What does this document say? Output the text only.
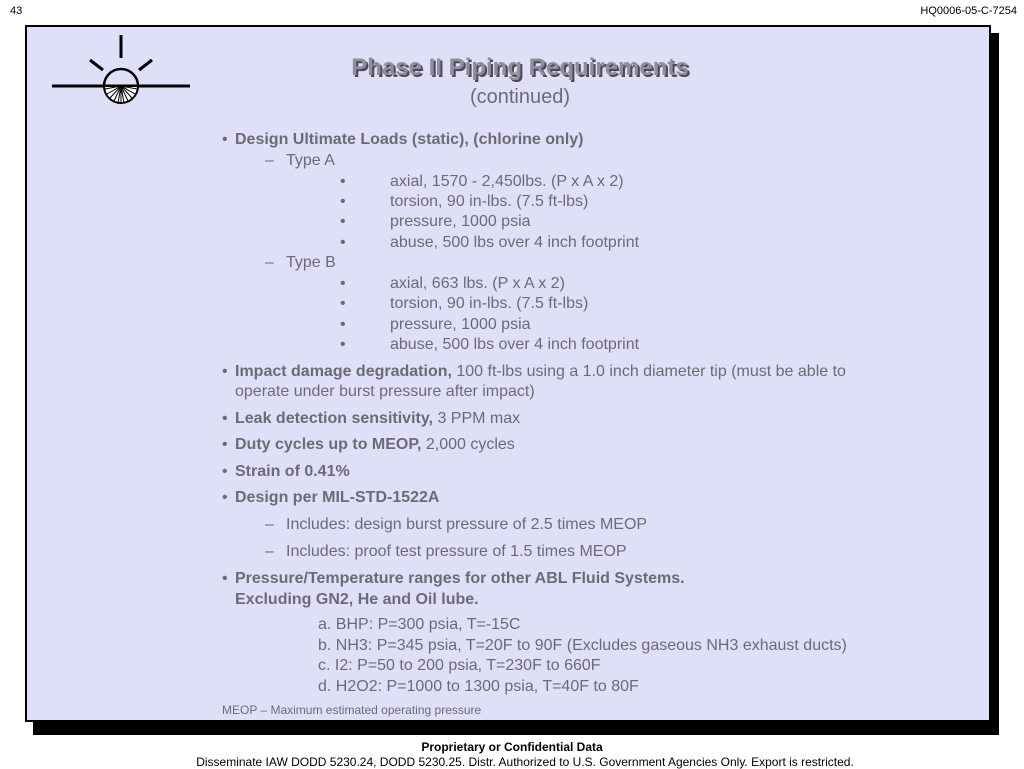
43	HQ0006-05-C-7254
Phase II Piping Requirements
(continued)
• Design Ultimate Loads (static), (chlorine only)
– Type A
•	axial, 1570 - 2,450lbs. (P x A x 2)
•	torsion, 90 in-lbs. (7.5 ft-lbs)
•	pressure, 1000 psia
•	abuse, 500 lbs over 4 inch footprint
– Type B
•	axial, 663 lbs. (P x A x 2)
•	torsion, 90 in-lbs. (7.5 ft-lbs)
•	pressure, 1000 psia
•	abuse, 500 lbs over 4 inch footprint
• Impact damage degradation, 100 ft-lbs using a 1.0 inch diameter tip (must be able to
operate under burst pressure after impact)
• Leak detection sensitivity, 3 PPM max
• Duty cycles up to MEOP, 2,000 cycles
• Strain of 0.41%
• Design per MIL-STD-1522A
– Includes: design burst pressure of 2.5 times MEOP
– Includes: proof test pressure of 1.5 times MEOP
• Pressure/Temperature ranges for other ABL Fluid Systems.
Excluding GN2, He and Oil lube.
a. BHP: P=300 psia, T=-15C
b. NH3: P=345 psia, T=20F to 90F (Excludes gaseous NH3 exhaust ducts)
c. I2: P=50 to 200 psia, T=230F to 660F
d. H2O2: P=1000 to 1300 psia, T=40F to 80F
MEOP – Maximum estimated operating pressure
Proprietary or Confidential Data
Disseminate IAW DODD 5230.24, DODD 5230.25. Distr. Authorized to U.S. Government Agencies Only. Export is restricted.
